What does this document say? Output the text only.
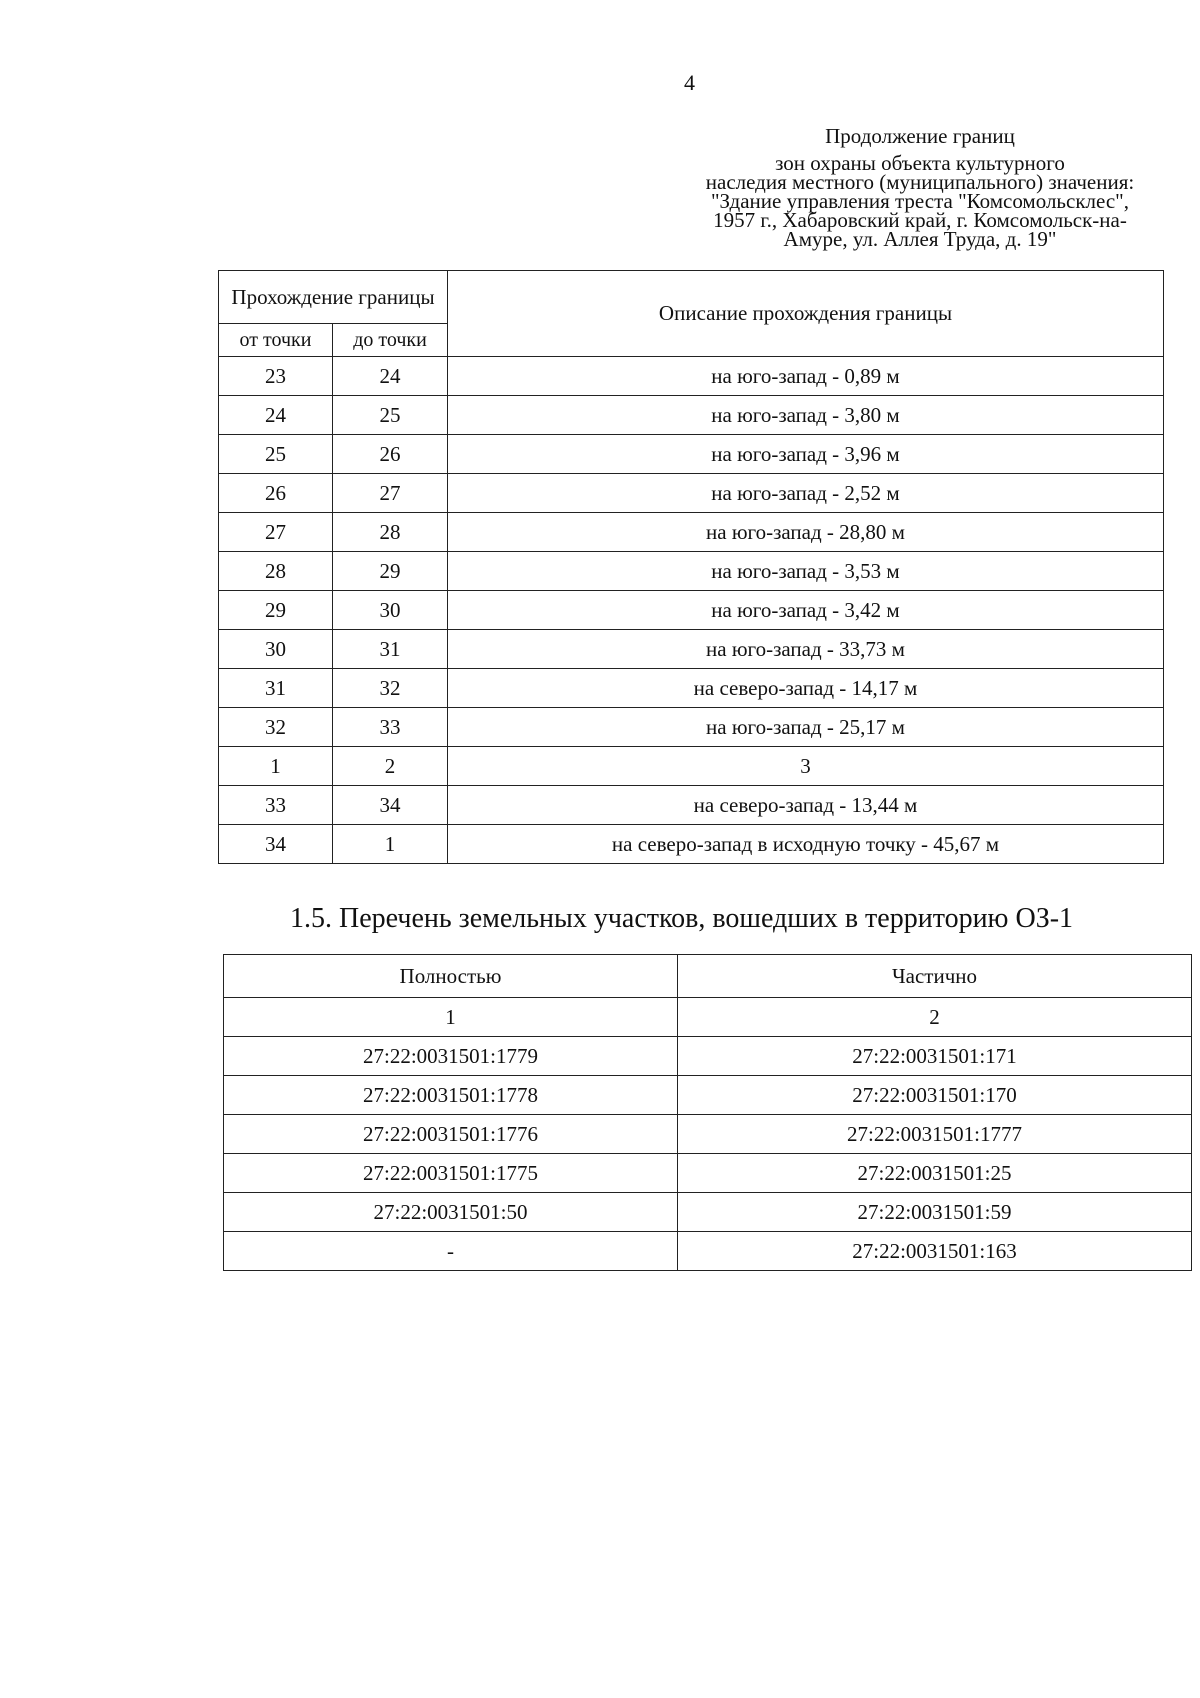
4
Продолжение границ
зон охраны объекта культурного
наследия местного (муниципального) значения:
"Здание управления треста "Комсомольсклес",
1957 г., Хабаровский край, г. Комсомольск-на-
Амуре, ул. Аллея Труда, д. 19"
Прохождение границы		Описание прохождения границы
от точки	до точки	
23	24	на юго-запад - 0,89 м
24	25	на юго-запад - 3,80 м
25	26	на юго-запад - 3,96 м
26	27	на юго-запад - 2,52 м
27	28	на юго-запад - 28,80 м
28	29	на юго-запад - 3,53 м
29	30	на юго-запад - 3,42 м
30	31	на юго-запад - 33,73 м
31	32	на северо-запад - 14,17 м
32	33	на юго-запад - 25,17 м
1	2	3
33	34	на северо-запад - 13,44 м
34	1	на северо-запад в исходную точку - 45,67 м
1.5. Перечень земельных участков, вошедших в территорию ОЗ-1
Полностью	Частично
1	2
27:22:0031501:1779	27:22:0031501:171
27:22:0031501:1778	27:22:0031501:170
27:22:0031501:1776	27:22:0031501:1777
27:22:0031501:1775	27:22:0031501:25
27:22:0031501:50	27:22:0031501:59
-	27:22:0031501:163
